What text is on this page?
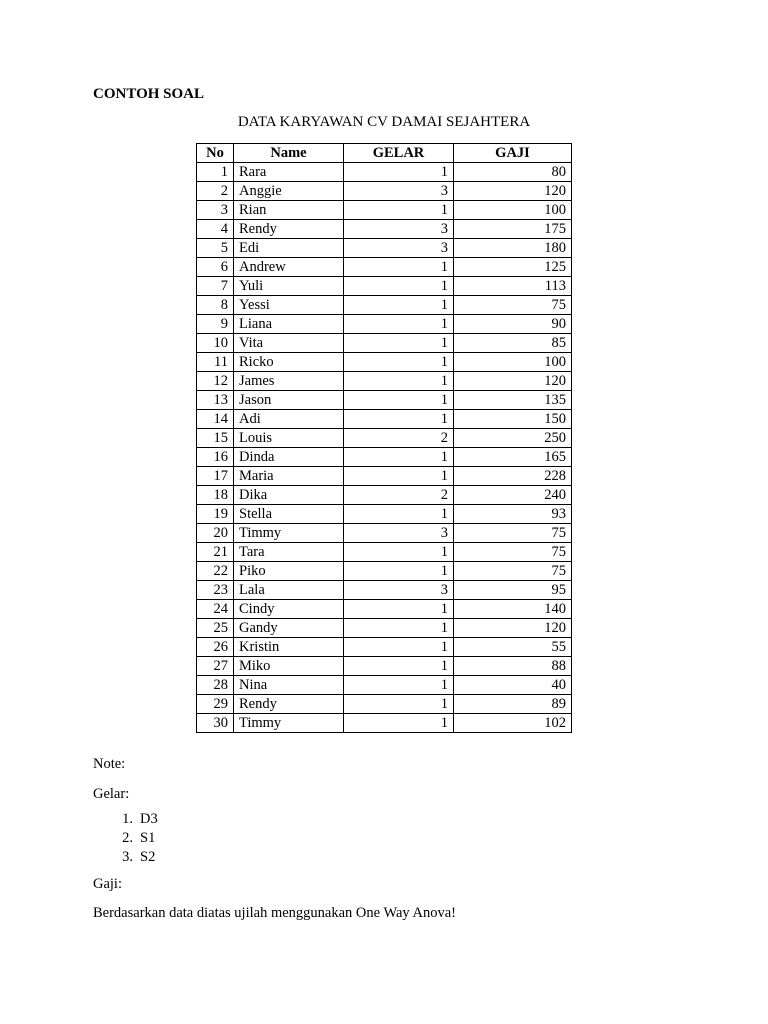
CONTOH SOAL
DATA KARYAWAN CV DAMAI SEJAHTERA
No	Name	GELAR	GAJI
1	Rara	1	80
2	Anggie	3	120
3	Rian	1	100
4	Rendy	3	175
5	Edi	3	180
6	Andrew	1	125
7	Yuli	1	113
8	Yessi	1	75
9	Liana	1	90
10	Vita	1	85
11	Ricko	1	100
12	James	1	120
13	Jason	1	135
14	Adi	1	150
15	Louis	2	250
16	Dinda	1	165
17	Maria	1	228
18	Dika	2	240
19	Stella	1	93
20	Timmy	3	75
21	Tara	1	75
22	Piko	1	75
23	Lala	3	95
24	Cindy	1	140
25	Gandy	1	120
26	Kristin	1	55
27	Miko	1	88
28	Nina	1	40
29	Rendy	1	89
30	Timmy	1	102
Note:
Gelar:
1. D3
2. S1
3. S2
Gaji:
Berdasarkan data diatas ujilah menggunakan One Way Anova!
